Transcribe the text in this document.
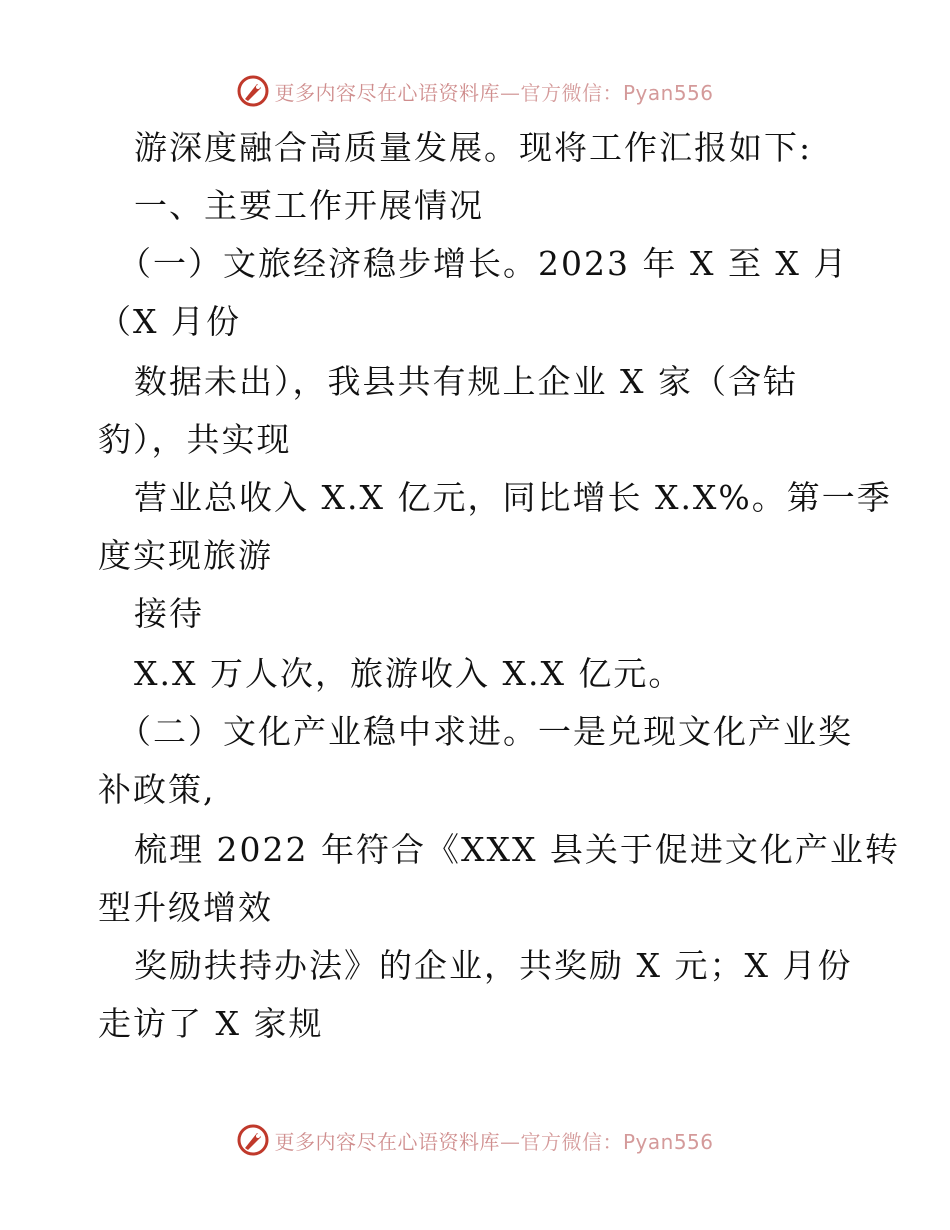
更多内容尽在心语资料库—官方微信：Pyan556
游深度融合高质量发展。现将工作汇报如下:
一、主要工作开展情况
（一）文旅经济稳步增长。2023 年 X 至 X 月
（X 月份
数据未出），我县共有规上企业 X 家（含钴
豹），共实现
营业总收入 X.X 亿元，同比增长 X.X%。第一季
度实现旅游
接待
X.X 万人次，旅游收入 X.X 亿元。
（二）文化产业稳中求进。一是兑现文化产业奖
补政策,
梳理 2022 年符合《XXX 县关于促进文化产业转
型升级增效
奖励扶持办法》的企业，共奖励 X 元；X 月份
走访了 X 家规
更多内容尽在心语资料库—官方微信：Pyan556
